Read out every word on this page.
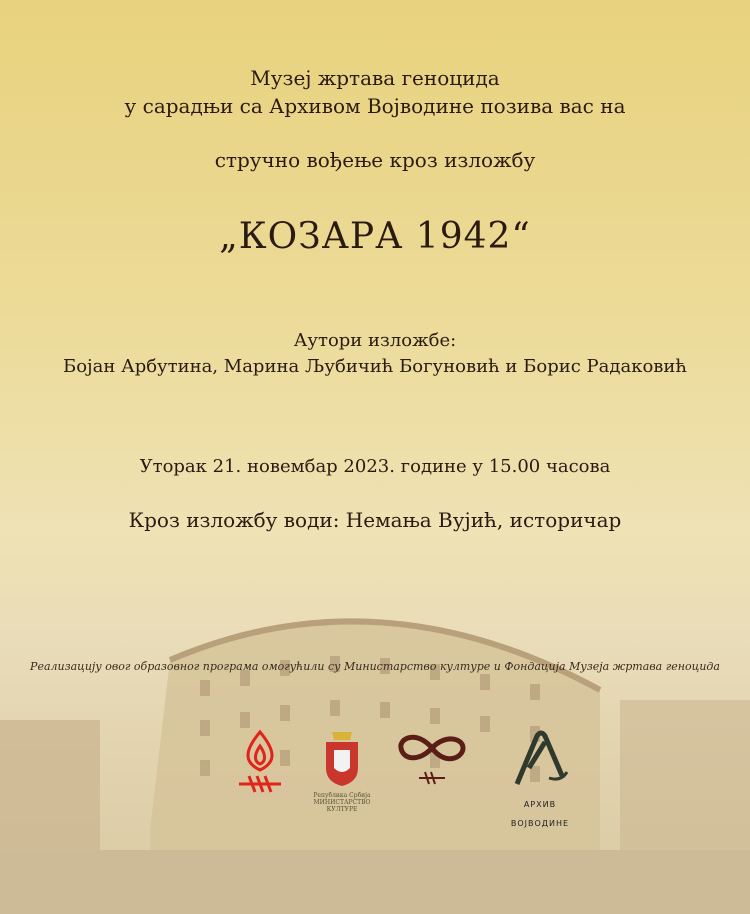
Музеј жртава геноцида
у сарадњи са Архивом Војводине позива вас на
стручно вођење кроз изложбу
„КОЗАРА 1942“
Аутори изложбе:
Бојан Арбутина, Марина Љубичић Богуновић и Борис Радаковић
Уторак 21. новембар 2023. године у 15.00 часова
Кроз изложбу води: Немања Вујић, историчар
Реализацију овог образовног програма омогућили су Министарство културе и Фондација Музеја жртава геноцида
Република Србија МИНИСТАРСТВО КУЛТУРЕ
АРХИВ ВОЈВОДИНЕ
